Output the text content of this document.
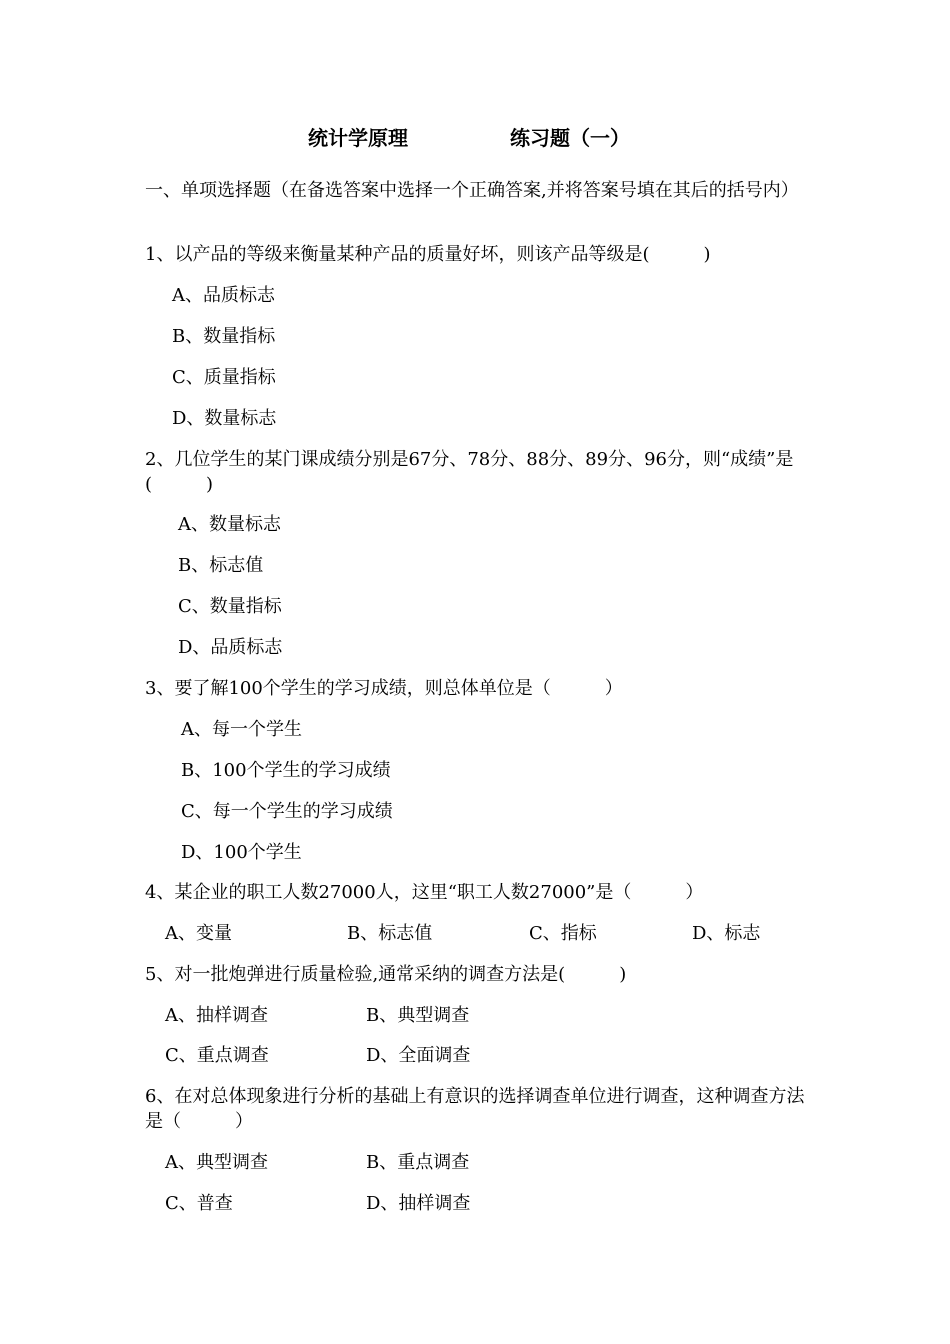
统计学原理	练习题（一）
一、单项选择题（在备选答案中选择一个正确答案,并将答案号填在其后的括号内）
1、以产品的等级来衡量某种产品的质量好坏，则该产品等级是(　　　)
A、品质标志
B、数量指标
C、质量指标
D、数量标志
2、几位学生的某门课成绩分别是67分、78分、88分、89分、96分，则“成绩”是(　　　)
A、数量标志
B、标志值
C、数量指标
D、品质标志
3、要了解100个学生的学习成绩，则总体单位是（　　　）
A、每一个学生
B、100个学生的学习成绩
C、每一个学生的学习成绩
D、100个学生
4、某企业的职工人数27000人，这里“职工人数27000”是（　　　）
A、变量	B、标志值	C、指标	D、标志
5、对一批炮弹进行质量检验,通常采纳的调查方法是(　　　)
A、抽样调查	B、典型调查
C、重点调查	D、全面调查
6、在对总体现象进行分析的基础上有意识的选择调查单位进行调查，这种调查方法是（　　　）
A、典型调查	B、重点调查
C、普查	D、抽样调查
